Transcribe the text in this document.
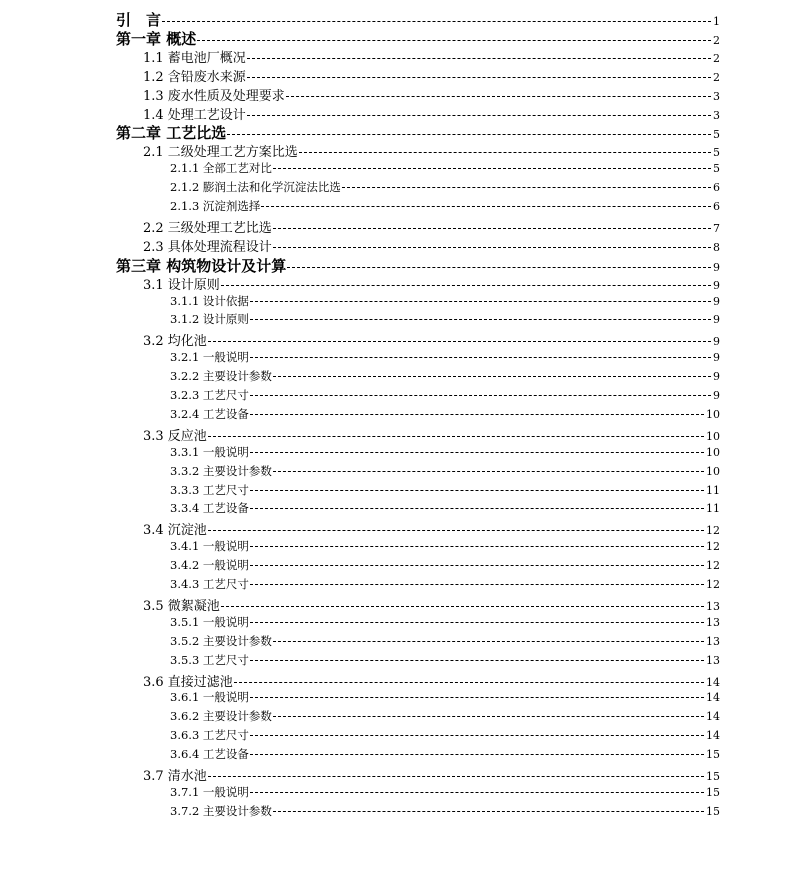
引　言	1
第一章 概述	2
1.1 蓄电池厂概况	2
1.2 含铅废水来源	2
1.3 废水性质及处理要求	3
1.4 处理工艺设计	3
第二章 工艺比选	5
2.1 二级处理工艺方案比选	5
2.1.1 全部工艺对比	5
2.1.2 膨润土法和化学沉淀法比选	6
2.1.3 沉淀剂选择	6
2.2 三级处理工艺比选	7
2.3 具体处理流程设计	8
第三章 构筑物设计及计算	9
3.1 设计原则	9
3.1.1 设计依据	9
3.1.2 设计原则	9
3.2 均化池	9
3.2.1 一般说明	9
3.2.2 主要设计参数	9
3.2.3 工艺尺寸	9
3.2.4 工艺设备	10
3.3 反应池	10
3.3.1 一般说明	10
3.3.2 主要设计参数	10
3.3.3 工艺尺寸	11
3.3.4 工艺设备	11
3.4 沉淀池	12
3.4.1 一般说明	12
3.4.2 一般说明	12
3.4.3 工艺尺寸	12
3.5 微絮凝池	13
3.5.1 一般说明	13
3.5.2 主要设计参数	13
3.5.3 工艺尺寸	13
3.6 直接过滤池	14
3.6.1 一般说明	14
3.6.2 主要设计参数	14
3.6.3 工艺尺寸	14
3.6.4 工艺设备	15
3.7 清水池	15
3.7.1 一般说明	15
3.7.2 主要设计参数	15
